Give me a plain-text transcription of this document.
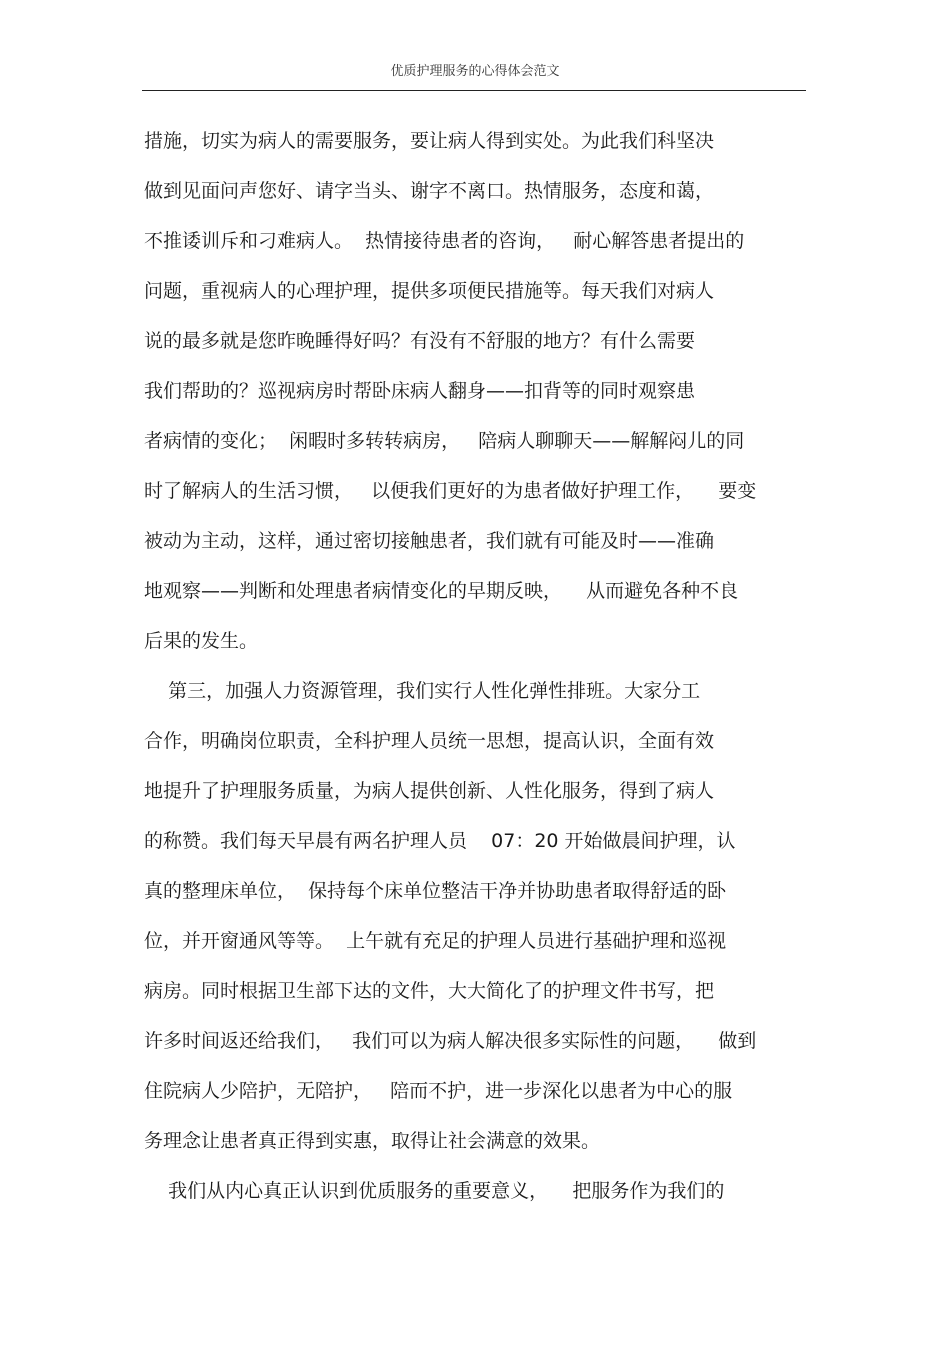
优质护理服务的心得体会范文
措施，切实为病人的需要服务，要让病人得到实处。为此我们科坚决
做到见面问声您好、请字当头、谢字不离口。热情服务，态度和蔼，
不推诿训斥和刁难病人。  热情接待患者的咨询，   耐心解答患者提出的
问题，重视病人的心理护理，提供多项便民措施等。每天我们对病人
说的最多就是您昨晚睡得好吗？有没有不舒服的地方？有什么需要
我们帮助的？巡视病房时帮卧床病人翻身——扣背等的同时观察患
者病情的变化；  闲暇时多转转病房，   陪病人聊聊天——解解闷儿的同
时了解病人的生活习惯，   以便我们更好的为患者做好护理工作，    要变
被动为主动，这样，通过密切接触患者，我们就有可能及时——准确
地观察——判断和处理患者病情变化的早期反映，    从而避免各种不良
后果的发生。
第三，加强人力资源管理，我们实行人性化弹性排班。大家分工
合作，明确岗位职责，全科护理人员统一思想，提高认识，全面有效
地提升了护理服务质量，为病人提供创新、人性化服务，得到了病人
的称赞。我们每天早晨有两名护理人员    07：20 开始做晨间护理，认
真的整理床单位，  保持每个床单位整洁干净并协助患者取得舒适的卧
位，并开窗通风等等。  上午就有充足的护理人员进行基础护理和巡视
病房。同时根据卫生部下达的文件，大大简化了的护理文件书写，把
许多时间返还给我们，   我们可以为病人解决很多实际性的问题，    做到
住院病人少陪护，无陪护，   陪而不护，进一步深化以患者为中心的服
务理念让患者真正得到实惠，取得让社会满意的效果。
我们从内心真正认识到优质服务的重要意义，    把服务作为我们的
